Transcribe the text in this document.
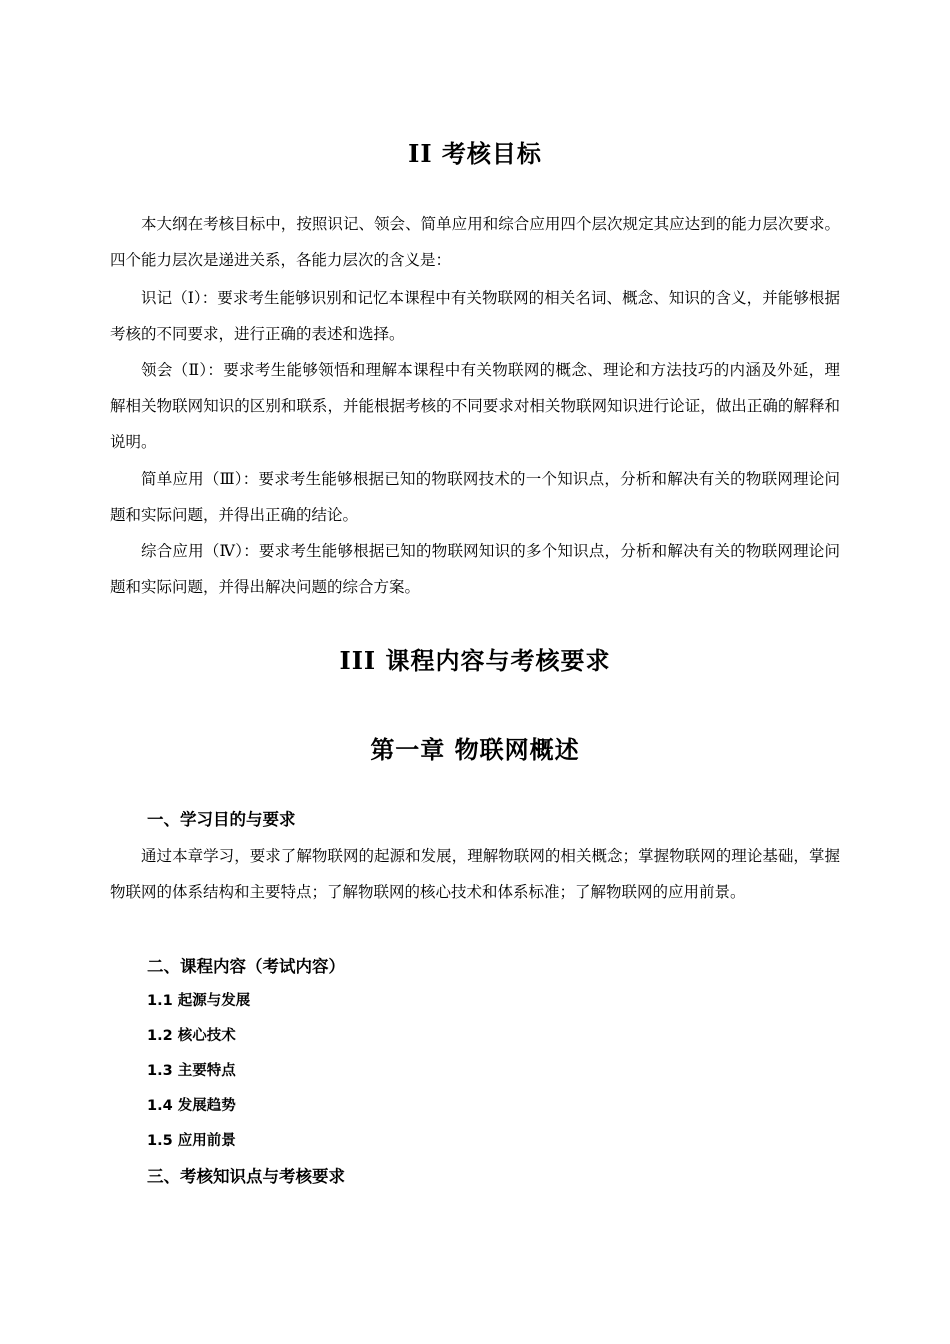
II 考核目标

本大纲在考核目标中，按照识记、领会、简单应用和综合应用四个层次规定其应达到的能力层次要求。四个能力层次是递进关系，各能力层次的含义是：

识记（Ⅰ）：要求考生能够识别和记忆本课程中有关物联网的相关名词、概念、知识的含义，并能够根据考核的不同要求，进行正确的表述和选择。

领会（Ⅱ）：要求考生能够领悟和理解本课程中有关物联网的概念、理论和方法技巧的内涵及外延，理解相关物联网知识的区别和联系，并能根据考核的不同要求对相关物联网知识进行论证，做出正确的解释和说明。

简单应用（Ⅲ）：要求考生能够根据已知的物联网技术的一个知识点，分析和解决有关的物联网理论问题和实际问题，并得出正确的结论。

综合应用（Ⅳ）：要求考生能够根据已知的物联网知识的多个知识点，分析和解决有关的物联网理论问题和实际问题，并得出解决问题的综合方案。

III 课程内容与考核要求
第一章 物联网概述
一、学习目的与要求

通过本章学习，要求了解物联网的起源和发展，理解物联网的相关概念；掌握物联网的理论基础，掌握物联网的体系结构和主要特点；了解物联网的核心技术和体系标准；了解物联网的应用前景。

二、课程内容（考试内容）
1.1 起源与发展
1.2 核心技术
1.3 主要特点
1.4 发展趋势
1.5 应用前景
三、考核知识点与考核要求
